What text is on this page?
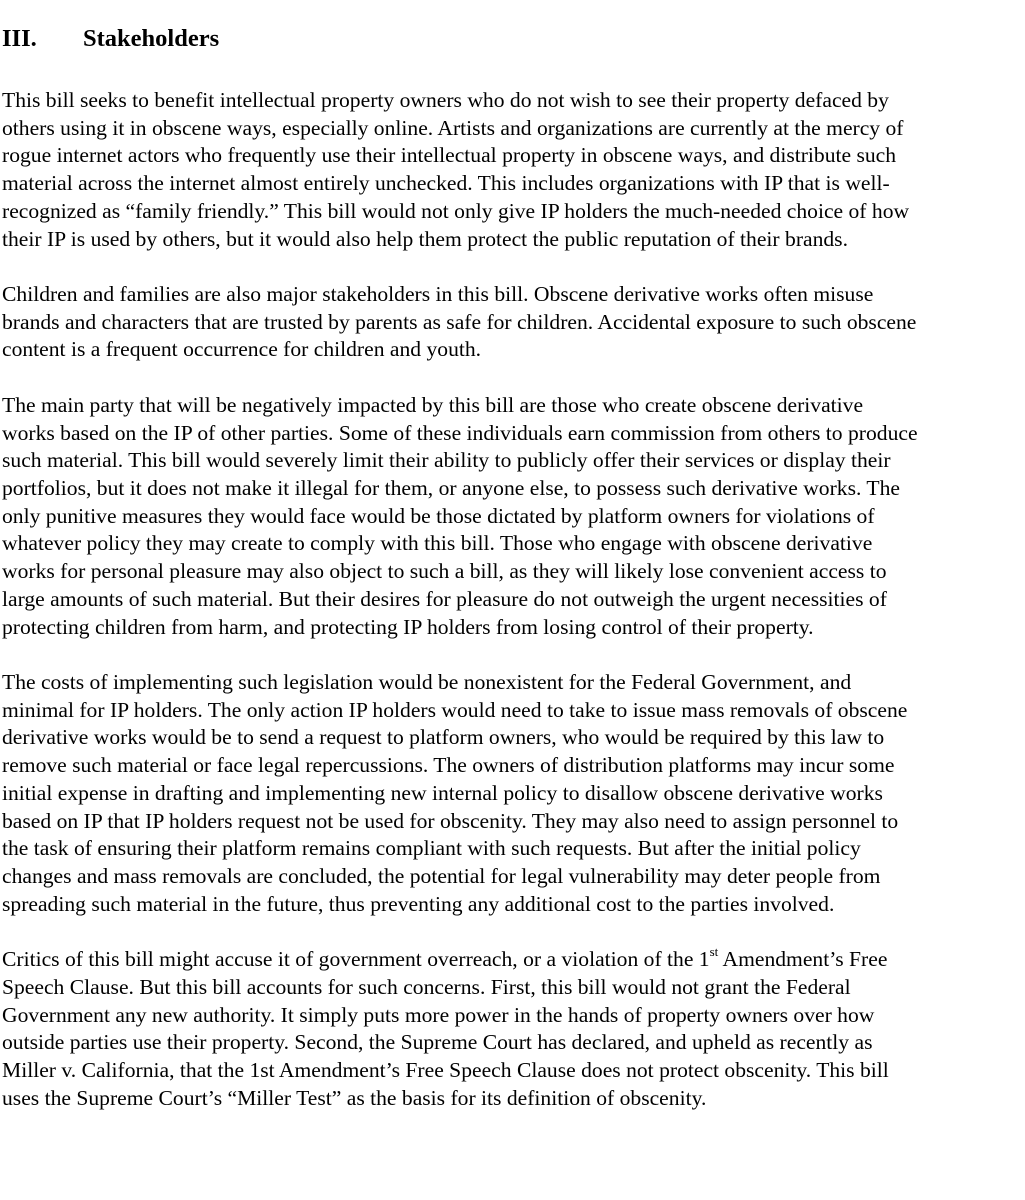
III. Stakeholders
This bill seeks to benefit intellectual property owners who do not wish to see their property defaced by
others using it in obscene ways, especially online. Artists and organizations are currently at the mercy of
rogue internet actors who frequently use their intellectual property in obscene ways, and distribute such
material across the internet almost entirely unchecked. This includes organizations with IP that is well-
recognized as “family friendly.” This bill would not only give IP holders the much-needed choice of how
their IP is used by others, but it would also help them protect the public reputation of their brands.
Children and families are also major stakeholders in this bill. Obscene derivative works often misuse
brands and characters that are trusted by parents as safe for children. Accidental exposure to such obscene
content is a frequent occurrence for children and youth.
The main party that will be negatively impacted by this bill are those who create obscene derivative
works based on the IP of other parties. Some of these individuals earn commission from others to produce
such material. This bill would severely limit their ability to publicly offer their services or display their
portfolios, but it does not make it illegal for them, or anyone else, to possess such derivative works. The
only punitive measures they would face would be those dictated by platform owners for violations of
whatever policy they may create to comply with this bill. Those who engage with obscene derivative
works for personal pleasure may also object to such a bill, as they will likely lose convenient access to
large amounts of such material. But their desires for pleasure do not outweigh the urgent necessities of
protecting children from harm, and protecting IP holders from losing control of their property.
The costs of implementing such legislation would be nonexistent for the Federal Government, and
minimal for IP holders. The only action IP holders would need to take to issue mass removals of obscene
derivative works would be to send a request to platform owners, who would be required by this law to
remove such material or face legal repercussions. The owners of distribution platforms may incur some
initial expense in drafting and implementing new internal policy to disallow obscene derivative works
based on IP that IP holders request not be used for obscenity. They may also need to assign personnel to
the task of ensuring their platform remains compliant with such requests. But after the initial policy
changes and mass removals are concluded, the potential for legal vulnerability may deter people from
spreading such material in the future, thus preventing any additional cost to the parties involved.
Critics of this bill might accuse it of government overreach, or a violation of the 1st Amendment’s Free
Speech Clause. But this bill accounts for such concerns. First, this bill would not grant the Federal
Government any new authority. It simply puts more power in the hands of property owners over how
outside parties use their property. Second, the Supreme Court has declared, and upheld as recently as
Miller v. California, that the 1st Amendment’s Free Speech Clause does not protect obscenity. This bill
uses the Supreme Court’s “Miller Test” as the basis for its definition of obscenity.
